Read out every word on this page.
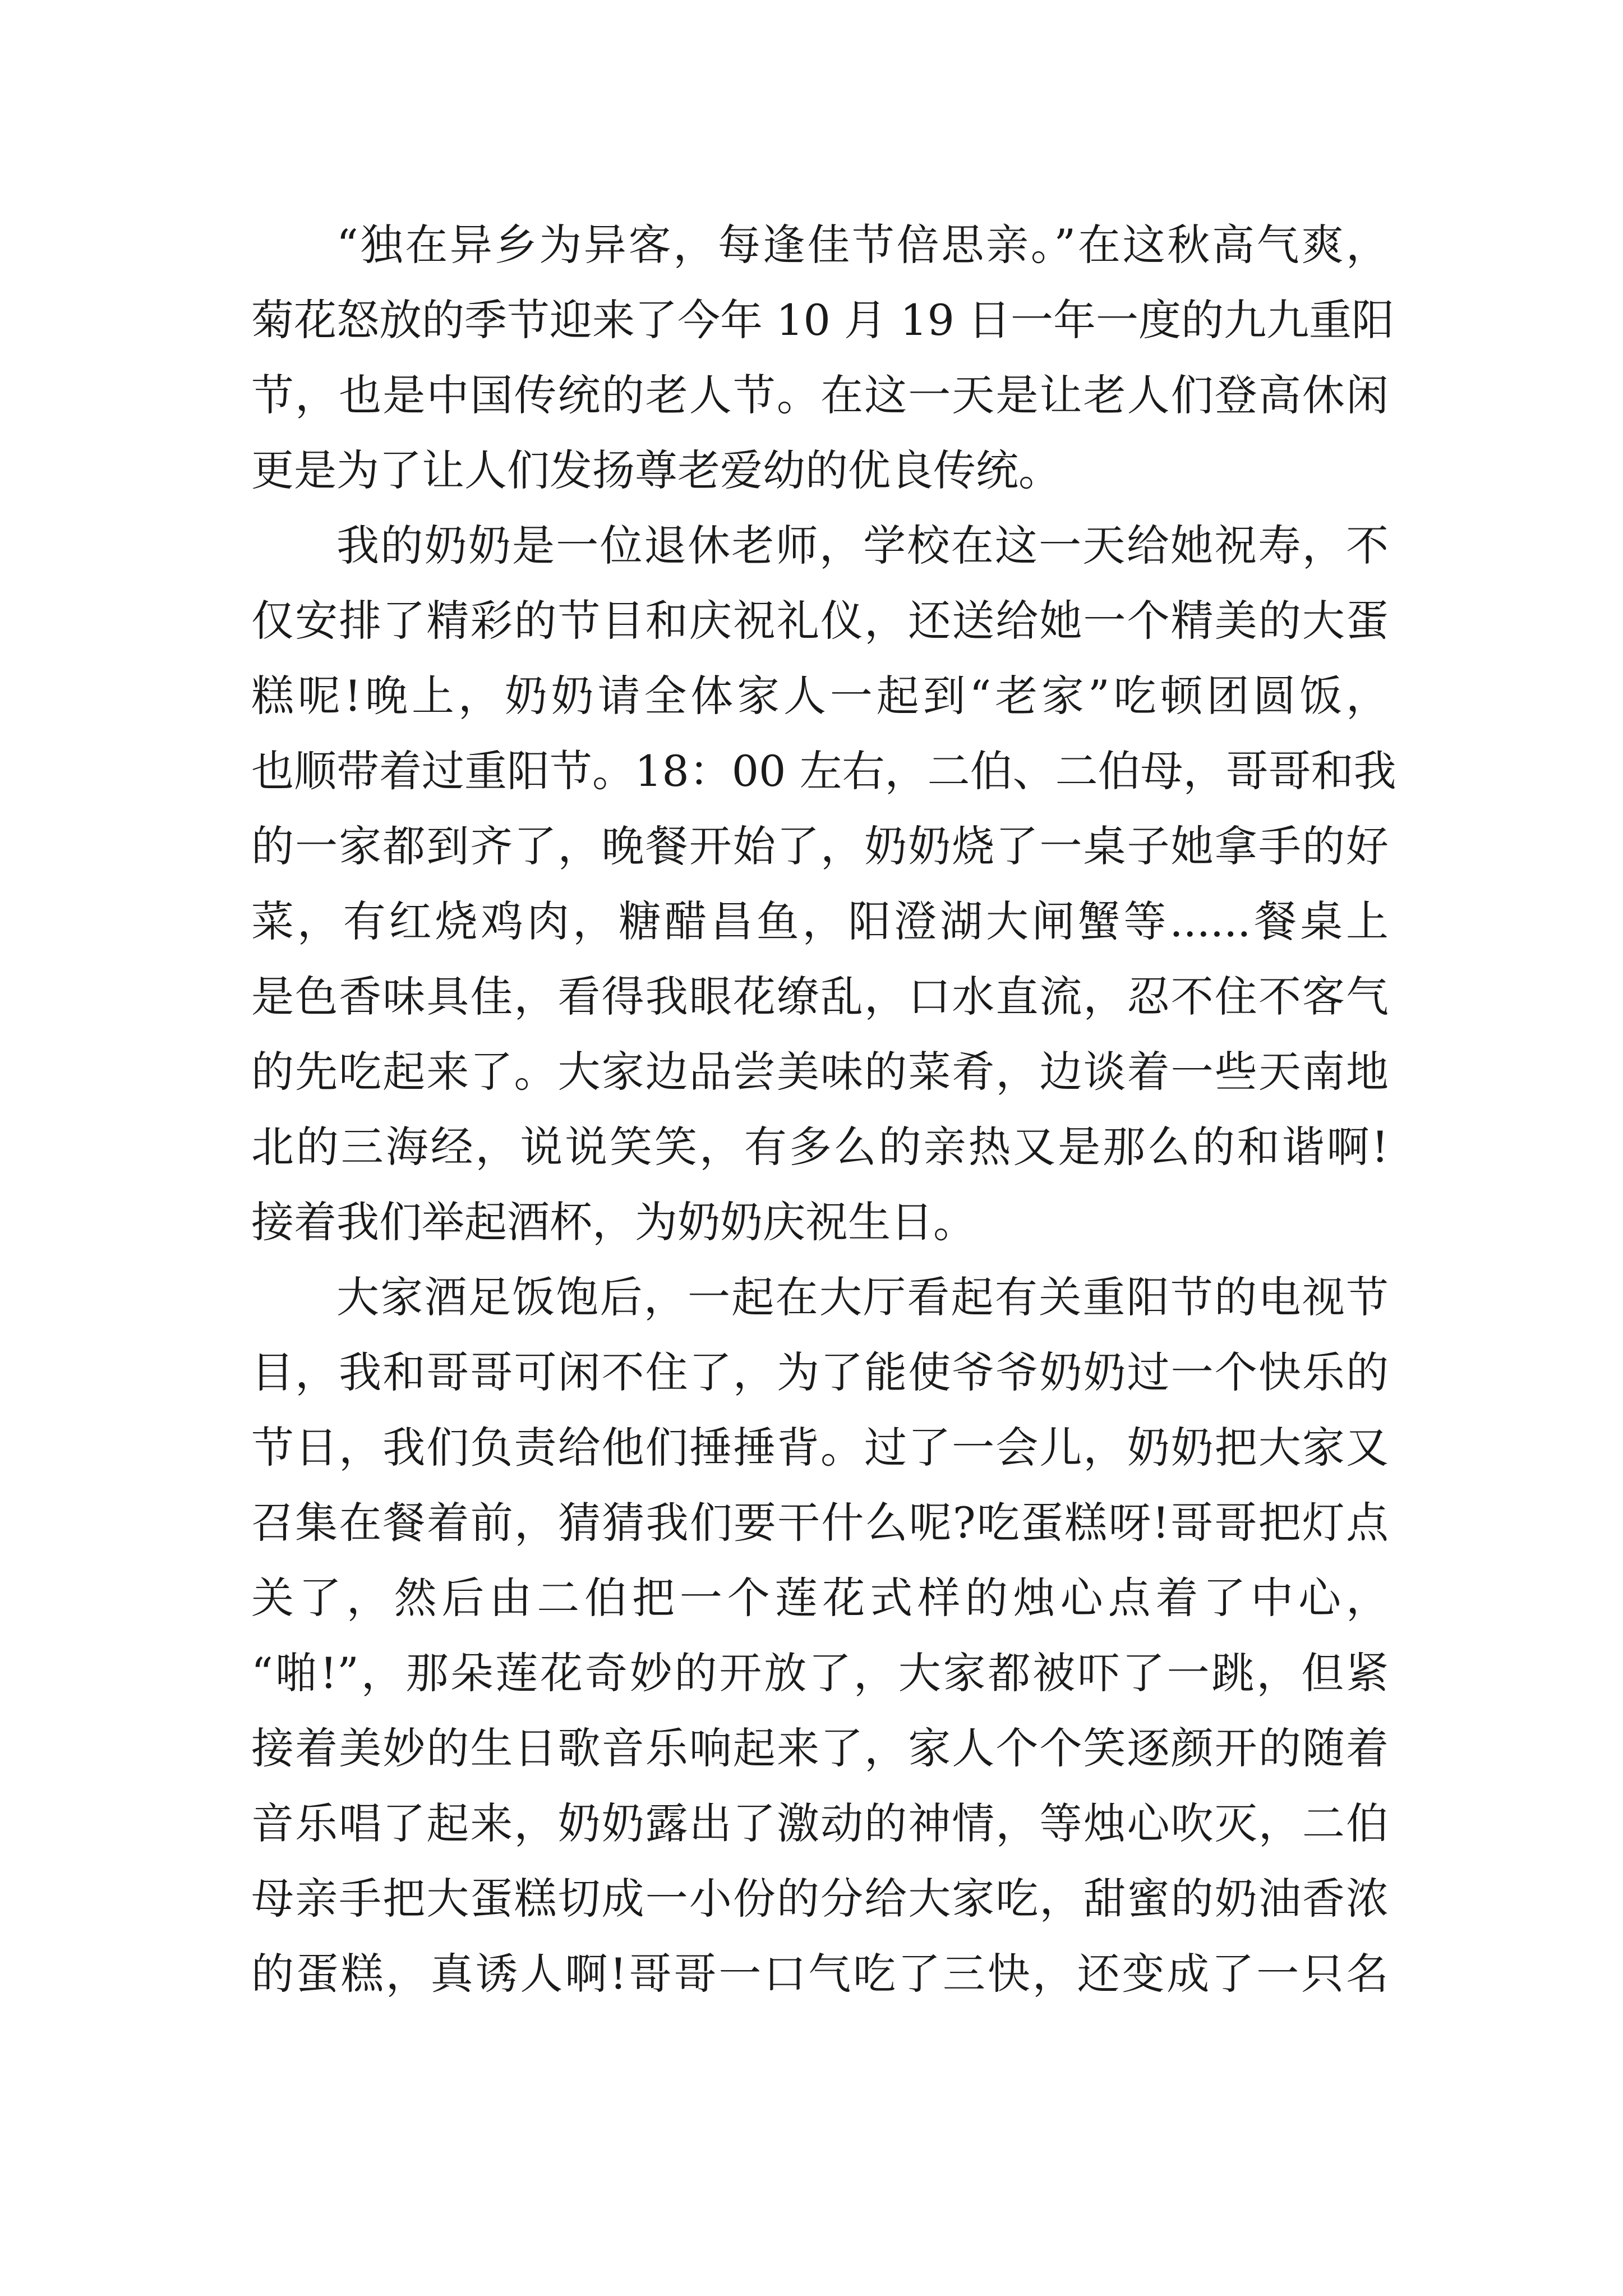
“独在异乡为异客，每逢佳节倍思亲。”在这秋高气爽，
菊花怒放的季节迎来了今年 10 月 19 日一年一度的九九重阳
节，也是中国传统的老人节。在这一天是让老人们登高休闲
更是为了让人们发扬尊老爱幼的优良传统。
我的奶奶是一位退休老师，学校在这一天给她祝寿，不
仅安排了精彩的节目和庆祝礼仪，还送给她一个精美的大蛋
糕呢!晚上，奶奶请全体家人一起到“老家”吃顿团圆饭，
也顺带着过重阳节。18：00 左右，二伯、二伯母，哥哥和我
的一家都到齐了，晚餐开始了，奶奶烧了一桌子她拿手的好
菜，有红烧鸡肉，糖醋昌鱼，阳澄湖大闸蟹等......餐桌上
是色香味具佳，看得我眼花缭乱，口水直流，忍不住不客气
的先吃起来了。大家边品尝美味的菜肴，边谈着一些天南地
北的三海经，说说笑笑，有多么的亲热又是那么的和谐啊!
接着我们举起酒杯，为奶奶庆祝生日。
大家酒足饭饱后，一起在大厅看起有关重阳节的电视节
目，我和哥哥可闲不住了，为了能使爷爷奶奶过一个快乐的
节日，我们负责给他们捶捶背。过了一会儿，奶奶把大家又
召集在餐着前，猜猜我们要干什么呢?吃蛋糕呀!哥哥把灯点
关了，然后由二伯把一个莲花式样的烛心点着了中心，
“啪!”，那朵莲花奇妙的开放了，大家都被吓了一跳，但紧
接着美妙的生日歌音乐响起来了，家人个个笑逐颜开的随着
音乐唱了起来，奶奶露出了激动的神情，等烛心吹灭，二伯
母亲手把大蛋糕切成一小份的分给大家吃，甜蜜的奶油香浓
的蛋糕，真诱人啊!哥哥一口气吃了三快，还变成了一只名
